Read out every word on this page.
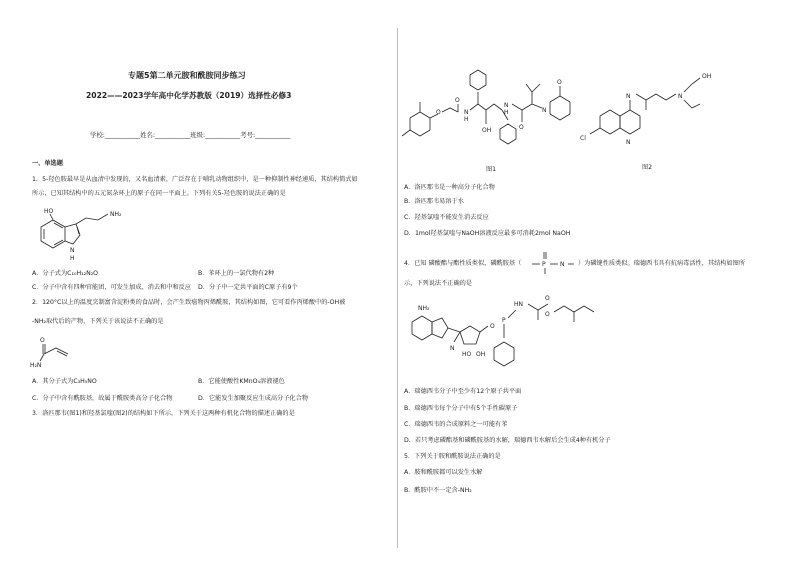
专题5第二单元胺和酰胺同步练习
2022——2023学年高中化学苏教版（2019）选择性必修3
学校:___________姓名:___________班级:___________考号:___________
一、单选题
1．5-羟色胺最早是从血清中发现的，又名血清素，广泛存在于哺乳动物组织中，是一种抑制性神经递质，其结构简式如
所示，已知其结构中的五元氮杂环上的原子在同一平面上。下列有关5-羟色胺的说法正确的是
HO	NH₂
N
H
A．分子式为C₁₀H₁₂N₂O	B．苯环上的一氯代物有2种
C．分子中含有四种官能团，可发生加成、消去和中和反应 D．分子中一定共平面的C原子有9个
2．120°C以上的温度烹制富含淀粉类的食品时，会产生致癌物丙烯酰胺，其结构如图，它可看作丙烯酸中的-OH被
-NH₂取代后的产物，下列关于该说法不正确的是
O
H₂N
A．其分子式为C₃H₅NO	B．它能使酸性KMnO₄溶液褪色
C．分子中含有酰胺基，故属于酰胺类高分子化合物	D．它能发生加聚反应生成高分子化合物
3．洛匹那韦(图1)和羟基氯喹(图2)的结构如下所示，下列关于这两种有机化合物的描述正确的是
O
O
N
H
OH
N
H
O
N
O
图1
N
Cl
N	N
OH
图2
A．洛匹那韦是一种高分子化合物
B．洛匹那韦易溶于水
C．羟基氯喹不能发生消去反应
D．1mol羟基氯喹与NaOH溶液反应最多可消耗2mol NaOH
4．已知 磷酸酯与酯性质类似，磷酰胺基（	P N ）为磷键性质类似。瑞德西韦具有抗病毒活性，其结构如图所
示，下列说法不正确的是
NH₂
N
HO OH
O
P
HN
O
O
A．瑞德西韦分子中至少有12个原子共平面
B．瑞德西韦每个分子中有5个手性碳原子
C．瑞德西韦的合成原料之一可能有苯
D．若只考虑磷酯基和磷酰胺基的水解，瑞德西韦水解后会生成4种有机分子
5．下列关于胺和酰胺说法正确的是
A．胺和酰胺都可以发生水解
B．酰胺中不一定含-NH₂
